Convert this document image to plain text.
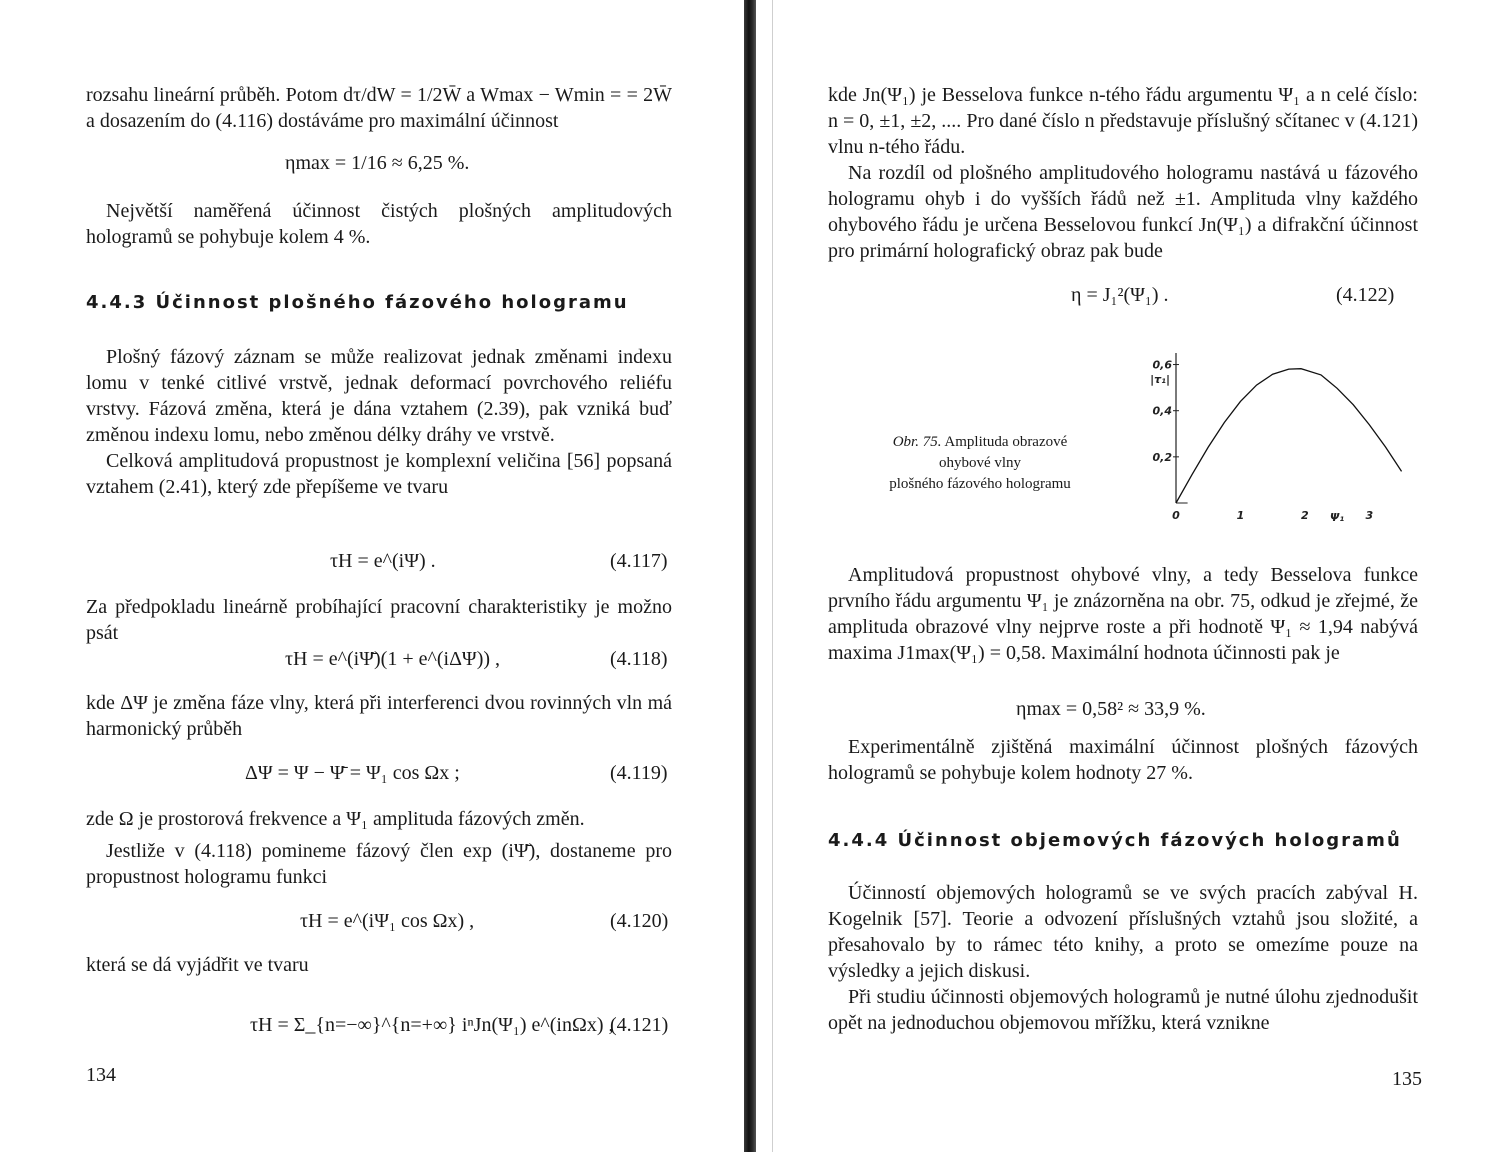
rozsahu lineární průběh. Potom dτ/dW = 1/2W̄ a Wmax − Wmin = = 2W̄ a dosazením do (4.116) dostáváme pro maximální účinnost

ηmax = 1/16 ≈ 6,25 %.

Největší naměřená účinnost čistých plošných amplitudových hologramů se pohybuje kolem 4 %.

4.4.3 Účinnost plošného fázového hologramu

Plošný fázový záznam se může realizovat jednak změnami indexu lomu v tenké citlivé vrstvě, jednak deformací povrchového reliéfu vrstvy. Fázová změna, která je dána vztahem (2.39), pak vzniká buď změnou indexu lomu, nebo změnou délky dráhy ve vrstvě.

Celková amplitudová propustnost je komplexní veličina [56] popsaná vztahem (2.41), který zde přepíšeme ve tvaru

τH = e^(iΨ) .	(4.117)

Za předpokladu lineárně probíhající pracovní charakteristiky je možno psát

τH = e^(iΨ̄)(1 + e^(iΔΨ)) ,	(4.118)

kde ΔΨ je změna fáze vlny, která při interferenci dvou rovinných vln má harmonický průběh

ΔΨ = Ψ − Ψ̄ = Ψ₁ cos Ωx ;	(4.119)

zde Ω je prostorová frekvence a Ψ₁ amplituda fázových změn.

Jestliže v (4.118) pomineme fázový člen exp (iΨ̄), dostaneme pro propustnost hologramu funkci

τH = e^(iΨ₁ cos Ωx) ,	(4.120)

která se dá vyjádřit ve tvaru

τH = Σ_{n=−∞}^{n=+∞} iⁿJn(Ψ₁) e^(inΩx) ,
(4.121)
134

kde Jn(Ψ₁) je Besselova funkce n-tého řádu argumentu Ψ₁ a n celé číslo: n = 0, ±1, ±2, .... Pro dané číslo n představuje příslušný sčítanec v (4.121) vlnu n-tého řádu.

Na rozdíl od plošného amplitudového hologramu nastává u fázového hologramu ohyb i do vyšších řádů než ±1. Amplituda vlny každého ohybového řádu je určena Besselovou funkcí Jn(Ψ₁) a difrakční účinnost pro primární holografický obraz pak bude

η = J₁²(Ψ₁) .	(4.122)
Obr. 75. Amplituda obrazové
ohybové vlny
plošného fázového hologramu
0,2
0,4
0,6
0	1	2	3
Ψ₁
|τ₁|

Amplitudová propustnost ohybové vlny, a tedy Besselova funkce prvního řádu argumentu Ψ₁ je znázorněna na obr. 75, odkud je zřejmé, že amplituda obrazové vlny nejprve roste a při hodnotě Ψ₁ ≈ 1,94 nabývá maxima J1max(Ψ₁) = 0,58. Maximální hodnota účinnosti pak je

ηmax = 0,58² ≈ 33,9 %.

Experimentálně zjištěná maximální účinnost plošných fázových hologramů se pohybuje kolem hodnoty 27 %.

4.4.4 Účinnost objemových fázových hologramů

Účinností objemových hologramů se ve svých pracích zabýval H. Kogelnik [57]. Teorie a odvození příslušných vztahů jsou složité, a přesahovalo by to rámec této knihy, a proto se omezíme pouze na výsledky a jejich diskusi.

Při studiu účinnosti objemových hologramů je nutné úlohu zjednodušit opět na jednoduchou objemovou mřížku, která vznikne

135
